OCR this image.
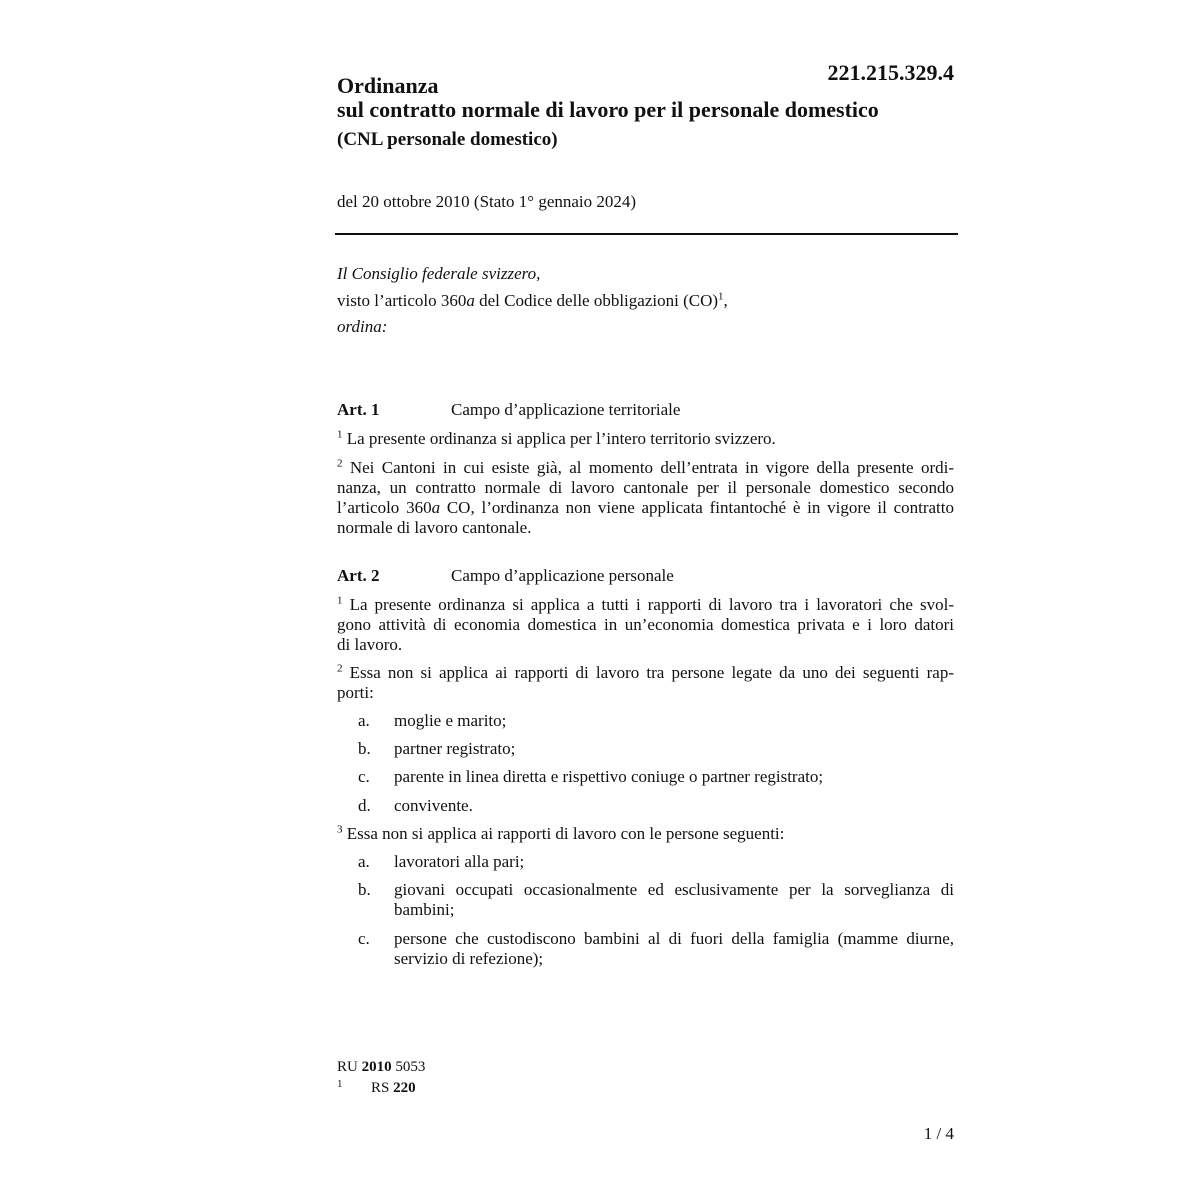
221.215.329.4
Ordinanza
sul contratto normale di lavoro per il personale domestico
(CNL personale domestico)
del 20 ottobre 2010 (Stato 1° gennaio 2024)
Il Consiglio federale svizzero,
visto l’articolo 360a del Codice delle obbligazioni (CO)$^1$,
ordina:
Art. 1	Campo d’applicazione territoriale
$^1$ La presente ordinanza si applica per l’intero territorio svizzero.
$^2$ Nei Cantoni in cui esiste già, al momento dell’entrata in vigore della presente ordi-
nanza, un contratto normale di lavoro cantonale per il personale domestico secondo
l’articolo 360a CO, l’ordinanza non viene applicata fintantoché è in vigore il contratto
normale di lavoro cantonale.
Art. 2	Campo d’applicazione personale
$^1$ La presente ordinanza si applica a tutti i rapporti di lavoro tra i lavoratori che svol-
gono attività di economia domestica in un’economia domestica privata e i loro datori
di lavoro.
$^2$ Essa non si applica ai rapporti di lavoro tra persone legate da uno dei seguenti rap-
porti:
a. moglie e marito;
b. partner registrato;
c. parente in linea diretta e rispettivo coniuge o partner registrato;
d. convivente.
$^3$ Essa non si applica ai rapporti di lavoro con le persone seguenti:
a. lavoratori alla pari;
b. giovani occupati occasionalmente ed esclusivamente per la sorveglianza di
bambini;
c. persone che custodiscono bambini al di fuori della famiglia (mamme diurne,
servizio di refezione);
RU 2010 5053
1 RS 220
1 / 4
